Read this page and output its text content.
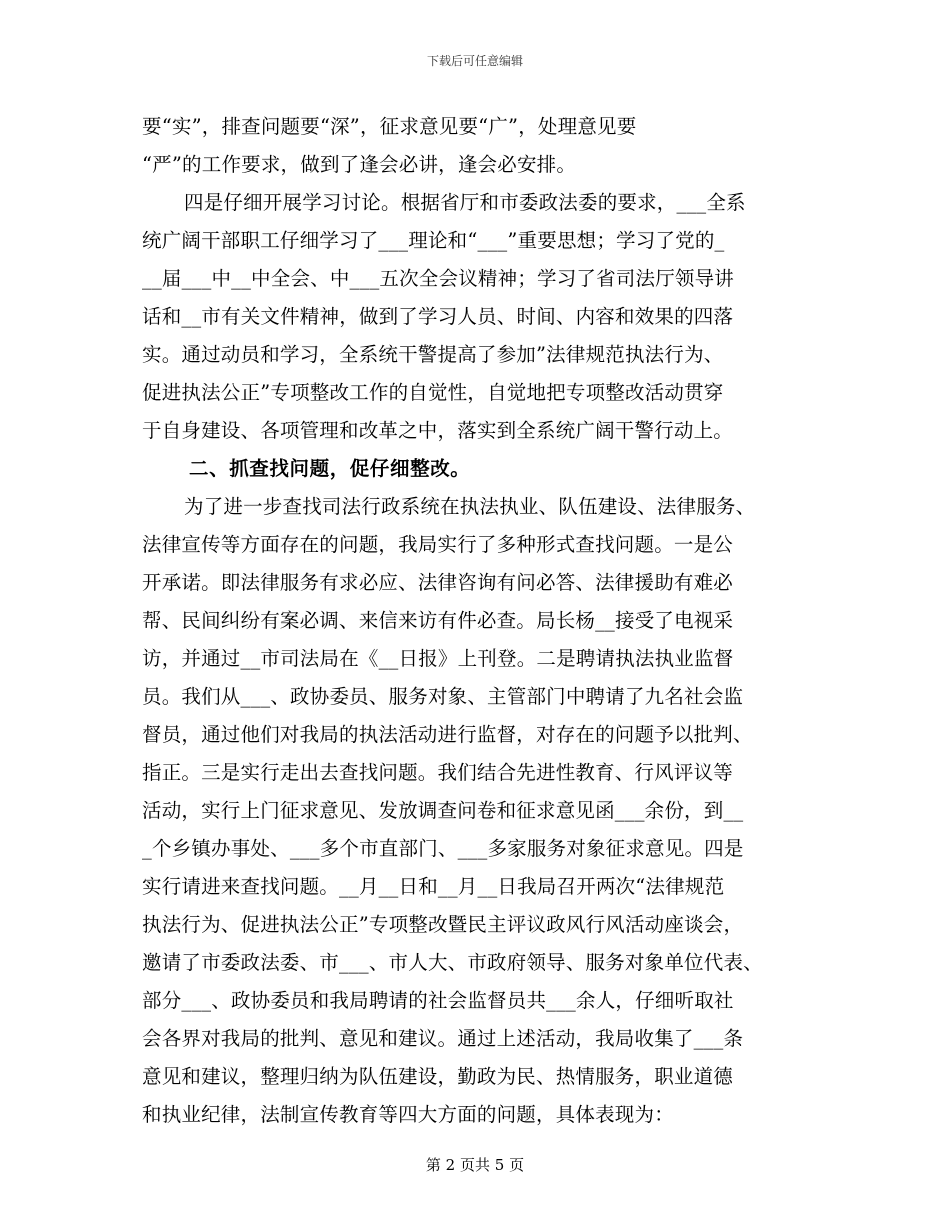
下载后可任意编辑
要“实”，排查问题要“深”，征求意见要“广”，处理意见要
“严”的工作要求，做到了逢会必讲，逢会必安排。
四是仔细开展学习讨论。根据省厅和市委政法委的要求，___全系
统广阔干部职工仔细学习了___理论和“___”重要思想；学习了党的_
__届___中__中全会、中___五次全会议精神；学习了省司法厅领导讲
话和__市有关文件精神，做到了学习人员、时间、内容和效果的四落
实。通过动员和学习，全系统干警提高了参加”法律规范执法行为、
促进执法公正”专项整改工作的自觉性，自觉地把专项整改活动贯穿
于自身建设、各项管理和改革之中，落实到全系统广阔干警行动上。
二、抓查找问题，促仔细整改。
为了进一步查找司法行政系统在执法执业、队伍建设、法律服务、
法律宣传等方面存在的问题，我局实行了多种形式查找问题。一是公
开承诺。即法律服务有求必应、法律咨询有问必答、法律援助有难必
帮、民间纠纷有案必调、来信来访有件必查。局长杨__接受了电视采
访，并通过__市司法局在《__日报》上刊登。二是聘请执法执业监督
员。我们从___、政协委员、服务对象、主管部门中聘请了九名社会监
督员，通过他们对我局的执法活动进行监督，对存在的问题予以批判、
指正。三是实行走出去查找问题。我们结合先进性教育、行风评议等
活动，实行上门征求意见、发放调查问卷和征求意见函___余份，到__
_个乡镇办事处、___多个市直部门、___多家服务对象征求意见。四是
实行请进来查找问题。__月__日和__月__日我局召开两次“法律规范
执法行为、促进执法公正”专项整改暨民主评议政风行风活动座谈会，
邀请了市委政法委、市___、市人大、市政府领导、服务对象单位代表、
部分___、政协委员和我局聘请的社会监督员共___余人，仔细听取社
会各界对我局的批判、意见和建议。通过上述活动，我局收集了___条
意见和建议，整理归纳为队伍建设，勤政为民、热情服务，职业道德
和执业纪律，法制宣传教育等四大方面的问题，具体表现为：
第 2 页共 5 页
